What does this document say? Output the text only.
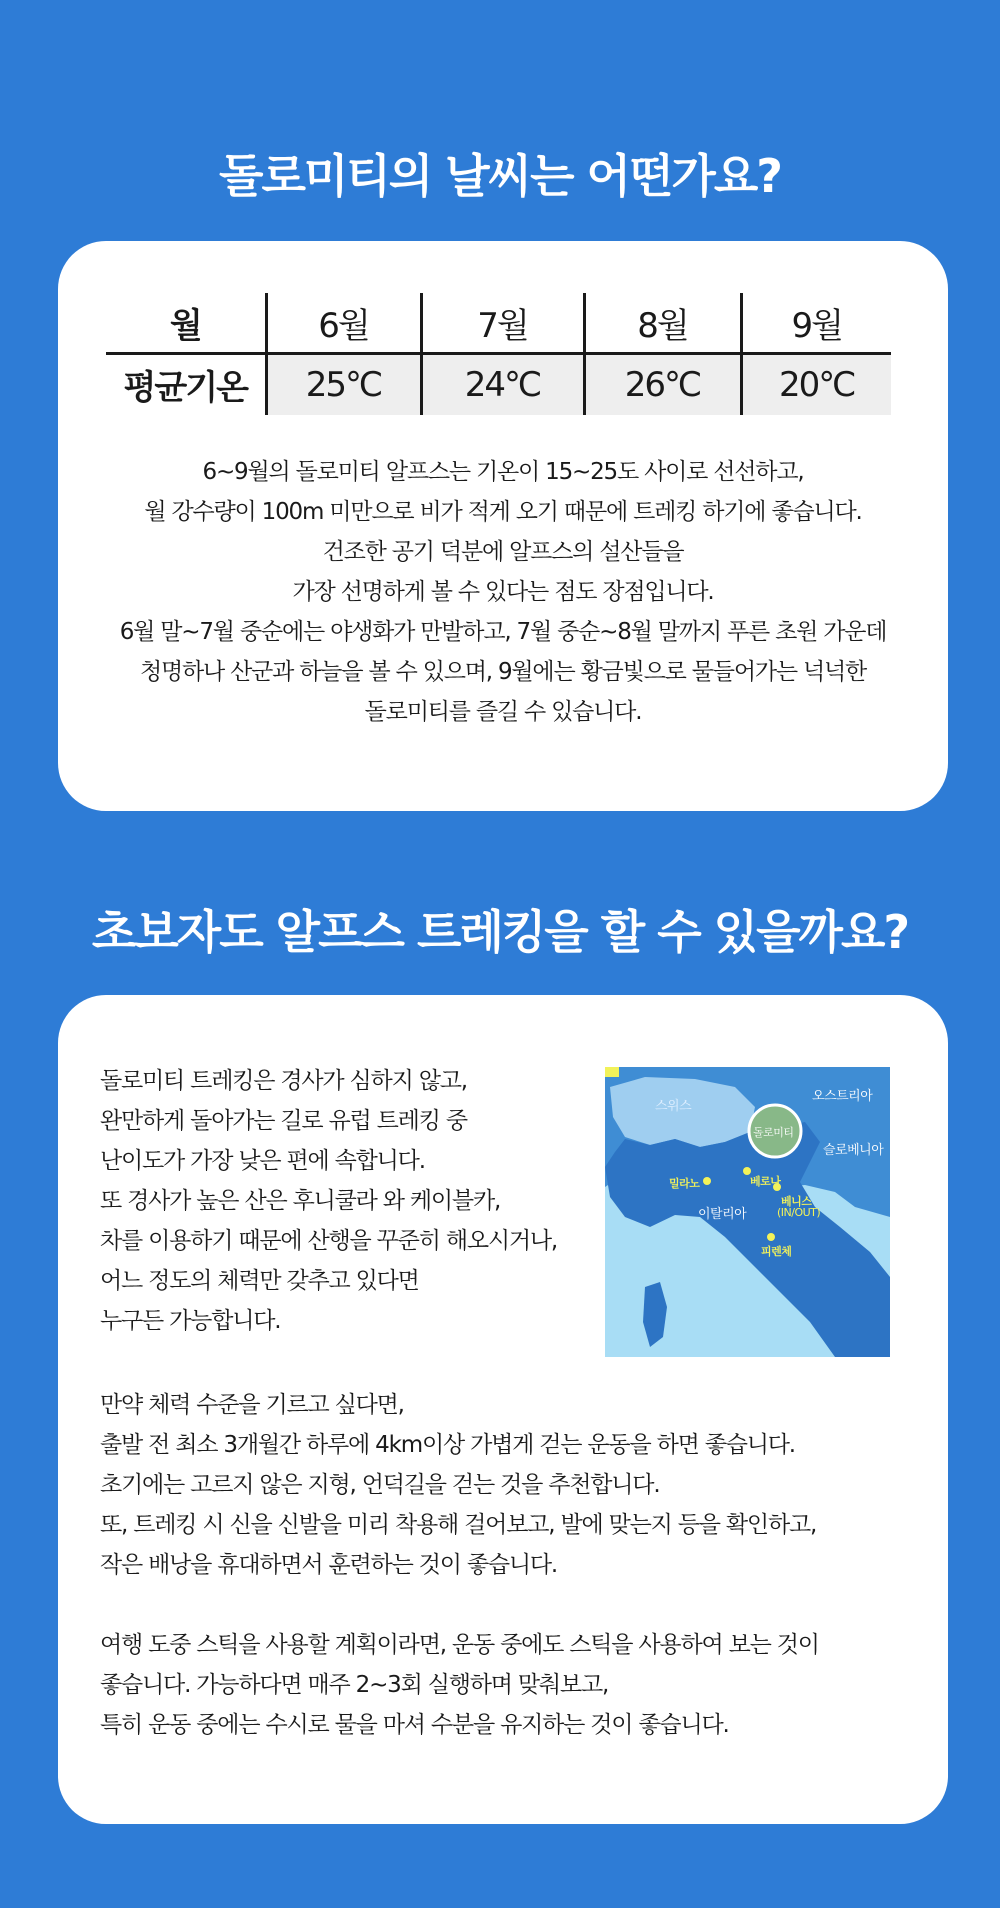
돌로미티의 날씨는 어떤가요?
월	6월	7월	8월	9월
평균기온	25℃	24℃	26℃	20℃
6~9월의 돌로미티 알프스는 기온이 15~25도 사이로 선선하고,
월 강수량이 100m 미만으로 비가 적게 오기 때문에 트레킹 하기에 좋습니다.
건조한 공기 덕분에 알프스의 설산들을
가장 선명하게 볼 수 있다는 점도 장점입니다.
6월 말~7월 중순에는 야생화가 만발하고, 7월 중순~8월 말까지 푸른 초원 가운데
청명하나 산군과 하늘을 볼 수 있으며, 9월에는 황금빛으로 물들어가는 넉넉한
돌로미티를 즐길 수 있습니다.
초보자도 알프스 트레킹을 할 수 있을까요?
돌로미티 트레킹은 경사가 심하지 않고,
완만하게 돌아가는 길로 유럽 트레킹 중
난이도가 가장 낮은 편에 속합니다.
또 경사가 높은 산은 후니쿨라 와 케이블카,
차를 이용하기 때문에 산행을 꾸준히 해오시거나,
어느 정도의 체력만 갖추고 있다면
누구든 가능합니다.
스위스
오스트리아
돌로미티
슬로베니아
밀라노	베로나
베니스
(IN/OUT)
이탈리아
피렌체
만약 체력 수준을 기르고 싶다면,
출발 전 최소 3개월간 하루에 4km이상 가볍게 걷는 운동을 하면 좋습니다.
초기에는 고르지 않은 지형, 언덕길을 걷는 것을 추천합니다.
또, 트레킹 시 신을 신발을 미리 착용해 걸어보고, 발에 맞는지 등을 확인하고,
작은 배낭을 휴대하면서 훈련하는 것이 좋습니다.
여행 도중 스틱을 사용할 계획이라면, 운동 중에도 스틱을 사용하여 보는 것이
좋습니다. 가능하다면 매주 2~3회 실행하며 맞춰보고,
특히 운동 중에는 수시로 물을 마셔 수분을 유지하는 것이 좋습니다.
